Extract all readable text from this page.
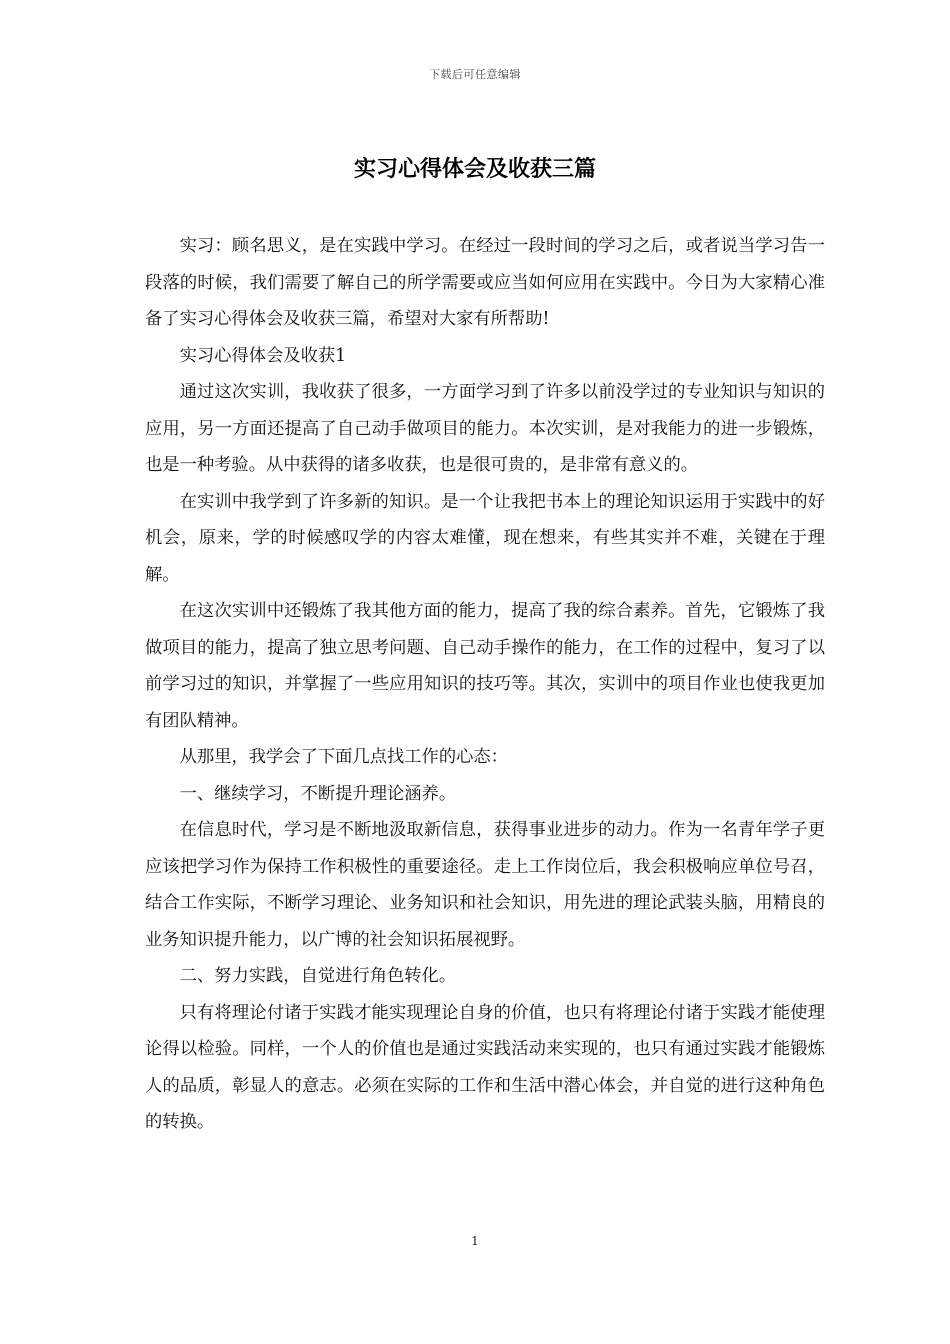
下载后可任意编辑
实习心得体会及收获三篇

实习：顾名思义，是在实践中学习。在经过一段时间的学习之后，或者说当学习告一段落的时候，我们需要了解自己的所学需要或应当如何应用在实践中。今日为大家精心准备了实习心得体会及收获三篇，希望对大家有所帮助!

实习心得体会及收获1

通过这次实训，我收获了很多，一方面学习到了许多以前没学过的专业知识与知识的应用，另一方面还提高了自己动手做项目的能力。本次实训，是对我能力的进一步锻炼，也是一种考验。从中获得的诸多收获，也是很可贵的，是非常有意义的。

在实训中我学到了许多新的知识。是一个让我把书本上的理论知识运用于实践中的好机会，原来，学的时候感叹学的内容太难懂，现在想来，有些其实并不难，关键在于理解。

在这次实训中还锻炼了我其他方面的能力，提高了我的综合素养。首先，它锻炼了我做项目的能力，提高了独立思考问题、自己动手操作的能力，在工作的过程中，复习了以前学习过的知识，并掌握了一些应用知识的技巧等。其次，实训中的项目作业也使我更加有团队精神。

从那里，我学会了下面几点找工作的心态：

一、继续学习，不断提升理论涵养。

在信息时代，学习是不断地汲取新信息，获得事业进步的动力。作为一名青年学子更应该把学习作为保持工作积极性的重要途径。走上工作岗位后，我会积极响应单位号召，结合工作实际，不断学习理论、业务知识和社会知识，用先进的理论武装头脑，用精良的业务知识提升能力，以广博的社会知识拓展视野。

二、努力实践，自觉进行角色转化。

只有将理论付诸于实践才能实现理论自身的价值，也只有将理论付诸于实践才能使理论得以检验。同样，一个人的价值也是通过实践活动来实现的，也只有通过实践才能锻炼人的品质，彰显人的意志。必须在实际的工作和生活中潜心体会，并自觉的进行这种角色的转换。

1
